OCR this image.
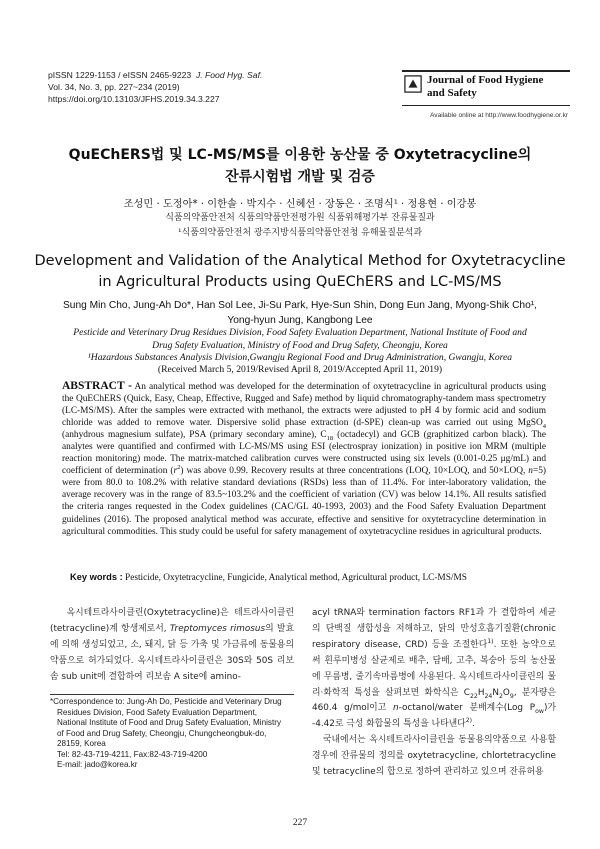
pISSN 1229-1153 / eISSN 2465-9223 J. Food Hyg. Saf.
Vol. 34, No. 3, pp. 227~234 (2019)
https://doi.org/10.13103/JFHS.2019.34.3.227
Journal of Food Hygiene
and Safety
Available online at http://www.foodhygiene.or.kr
QuEChERS법 및 LC-MS/MS를 이용한 농산물 중 Oxytetracycline의
잔류시험법 개발 및 검증
조성민 · 도정아* · 이한솔 · 박지수 · 신혜선 · 장동은 · 조명식¹ · 정용현 · 이강봉
식품의약품안전처 식품의약품안전평가원 식품위해평가부 잔류물질과
¹식품의약품안전처 광주지방식품의약품안전청 유해물질분석과
Development and Validation of the Analytical Method for Oxytetracycline
in Agricultural Products using QuEChERS and LC-MS/MS
Sung Min Cho, Jung-Ah Do*, Han Sol Lee, Ji-Su Park, Hye-Sun Shin, Dong Eun Jang, Myong-Shik Cho¹,
Yong-hyun Jung, Kangbong Lee
Pesticide and Veterinary Drug Residues Division, Food Safety Evaluation Department, National Institute of Food and
Drug Safety Evaluation, Ministry of Food and Drug Safety, Cheongju, Korea
¹Hazardous Substances Analysis Division,Gwangju Regional Food and Drug Administration, Gwangju, Korea
(Received March 5, 2019/Revised April 8, 2019/Accepted April 11, 2019)
ABSTRACT - An analytical method was developed for the determination of oxytetracycline in agricultural products using the QuEChERS (Quick, Easy, Cheap, Effective, Rugged and Safe) method by liquid chromatography-tandem mass spectrometry (LC-MS/MS). After the samples were extracted with methanol, the extracts were adjusted to pH 4 by formic acid and sodium chloride was added to remove water. Dispersive solid phase extraction (d-SPE) clean-up was carried out using MgSO$_4$ (anhydrous magnesium sulfate), PSA (primary secondary amine), $C_{18}$ (octadecyl) and GCB (graphitized carbon black). The analytes were quantified and confirmed with LC-MS/MS using ESI (electrospray ionization) in positive ion MRM (multiple reaction monitoring) mode. The matrix-matched calibration curves were constructed using six levels (0.001-0.25 μg/mL) and coefficient of determination $(r^2)$ was above 0.99. Recovery results at three concentrations (LOQ, 10×LOQ, and 50×LOQ, n=5) were from 80.0 to 108.2% with relative standard deviations (RSDs) less than of 11.4%. For inter-laboratory validation, the average recovery was in the range of 83.5~103.2% and the coefficient of variation (CV) was below 14.1%. All results satisfied the criteria ranges requested in the Codex guidelines (CAC/GL 40-1993, 2003) and the Food Safety Evaluation Department guidelines (2016). The proposed analytical method was accurate, effective and sensitive for oxytetracycline determination in agricultural commodities. This study could be useful for safety management of oxytetracycline residues in agricultural products.
Key words : Pesticide, Oxytetracycline, Fungicide, Analytical method, Agricultural product, LC-MS/MS
옥시테트라사이클린(Oxytetracycline)은 테트라사이클린(tetracycline)계 항생제로서, Treptomyces rimosus의 발효에 의해 생성되었고, 소, 돼지, 닭 등 가축 및 가금류에 동물용의약품으로 허가되었다. 옥시테트라사이클린은 30S와 50S 리보솜 sub unit에 결합하여 리보솜 A site에 amino-
acyl tRNA와 termination factors RF1과 가 결합하여 세균의 단백질 생합성을 저해하고, 닭의 만성호흡기질환(chronic respiratory disease, CRD) 등을 조절한다$^{1)}$. 또한 농약으로써 흰루미병성 살균제로 배추, 담배, 고추, 복숭아 등의 농산물에 무름병, 줄기속마름병에 사용된다. 옥시테트라사이클린의 물리·화학적 특성을 살펴보면 화학식은 $C_{22}H_{24}N_2O_9$, 분자량은 460.4 g/mol이고 n-octanol/water 분배계수(Log $P_{ow}$)가 -4.42로 극성 화합물의 특성을 나타낸다$^{2)}$.
국내에서는 옥시테트라사이클린을 동물용의약품으로 사용할 경우에 잔류물의 정의를 oxytetracycline, chlortetracycline 및 tetracycline의 합으로 정하여 관리하고 있으며 잔류허용
*Correspondence to: Jung-Ah Do, Pesticide and Veterinary Drug
Residues Division, Food Safety Evaluation Department,
National Institute of Food and Drug Safety Evaluation, Ministry
of Food and Drug Safety, Cheongju, Chungcheongbuk-do,
28159, Korea
Tel: 82-43-719-4211, Fax:82-43-719-4200
E-mail: jado@korea.kr
227
